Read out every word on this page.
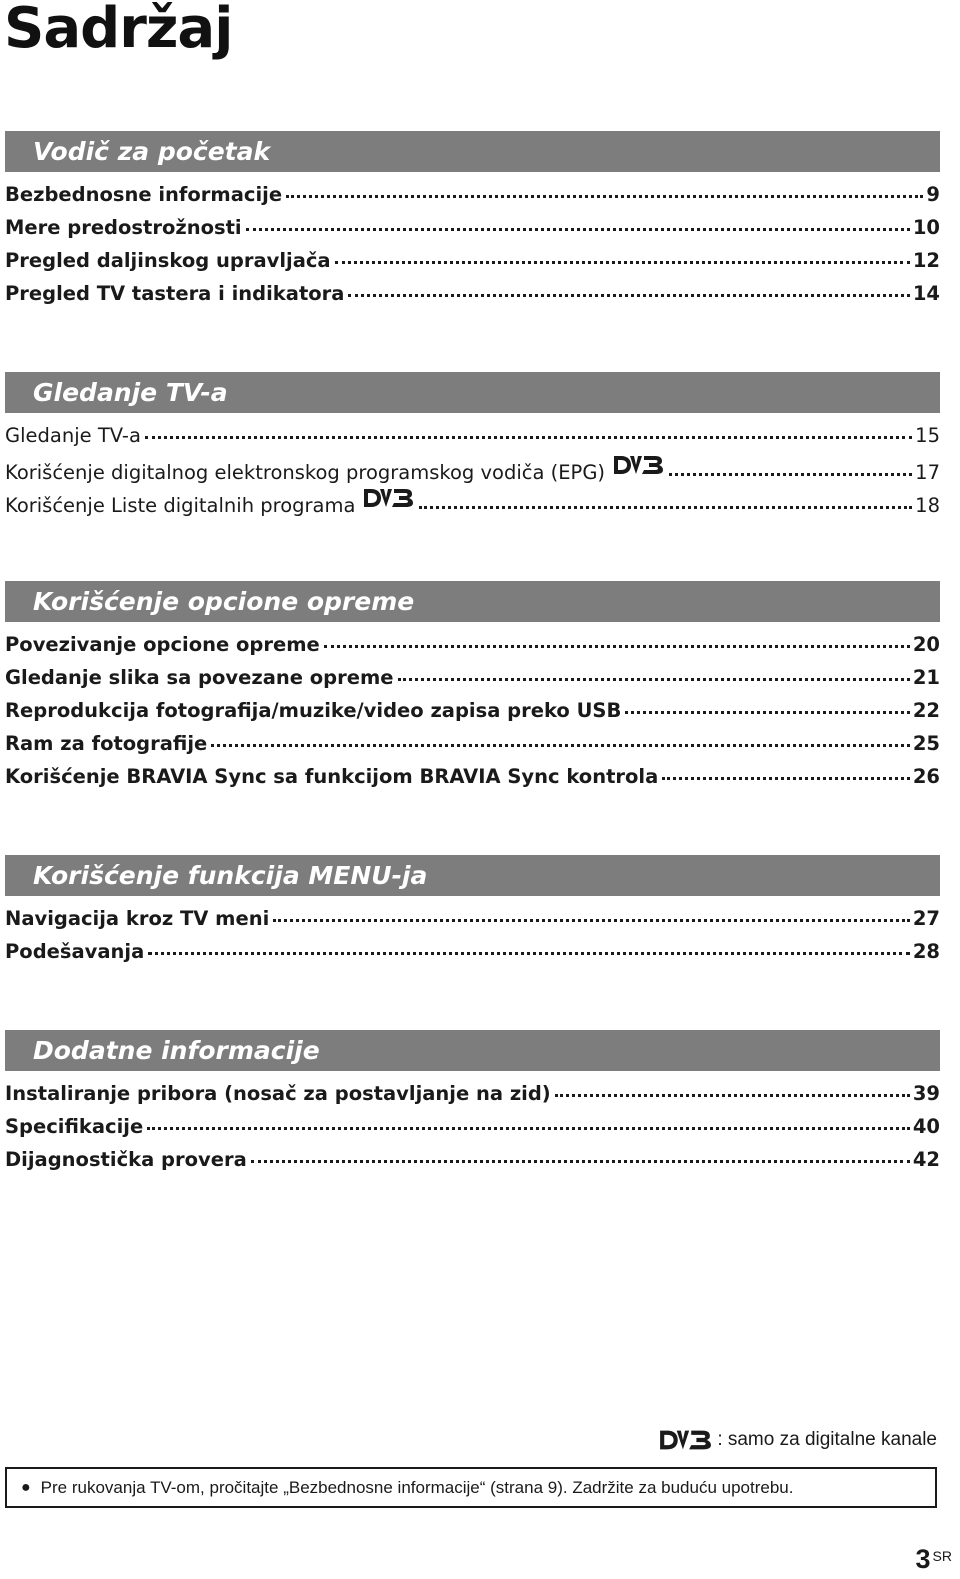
Sadržaj
Vodič za početak
Bezbednosne informacije	9
Mere predostrožnosti	10
Pregled daljinskog upravljača	12
Pregled TV tastera i indikatora	14
Gledanje TV-a
Gledanje TV-a	15
Korišćenje digitalnog elektronskog programskog vodiča (EPG)	17
Korišćenje Liste digitalnih programa	18
Korišćenje opcione opreme
Povezivanje opcione opreme	20
Gledanje slika sa povezane opreme	21
Reprodukcija fotografija/muzike/video zapisa preko USB	22
Ram za fotografije	25
Korišćenje BRAVIA Sync sa funkcijom BRAVIA Sync kontrola	26
Korišćenje funkcija MENU-ja
Navigacija kroz TV meni	27
Podešavanja	28
Dodatne informacije
Instaliranje pribora (nosač za postavljanje na zid)	39
Specifikacije	40
Dijagnostička provera	42
: samo za digitalne kanale
● Pre rukovanja TV-om, pročitajte „Bezbednosne informacije“ (strana 9). Zadržite za buduću upotrebu.
3 SR
